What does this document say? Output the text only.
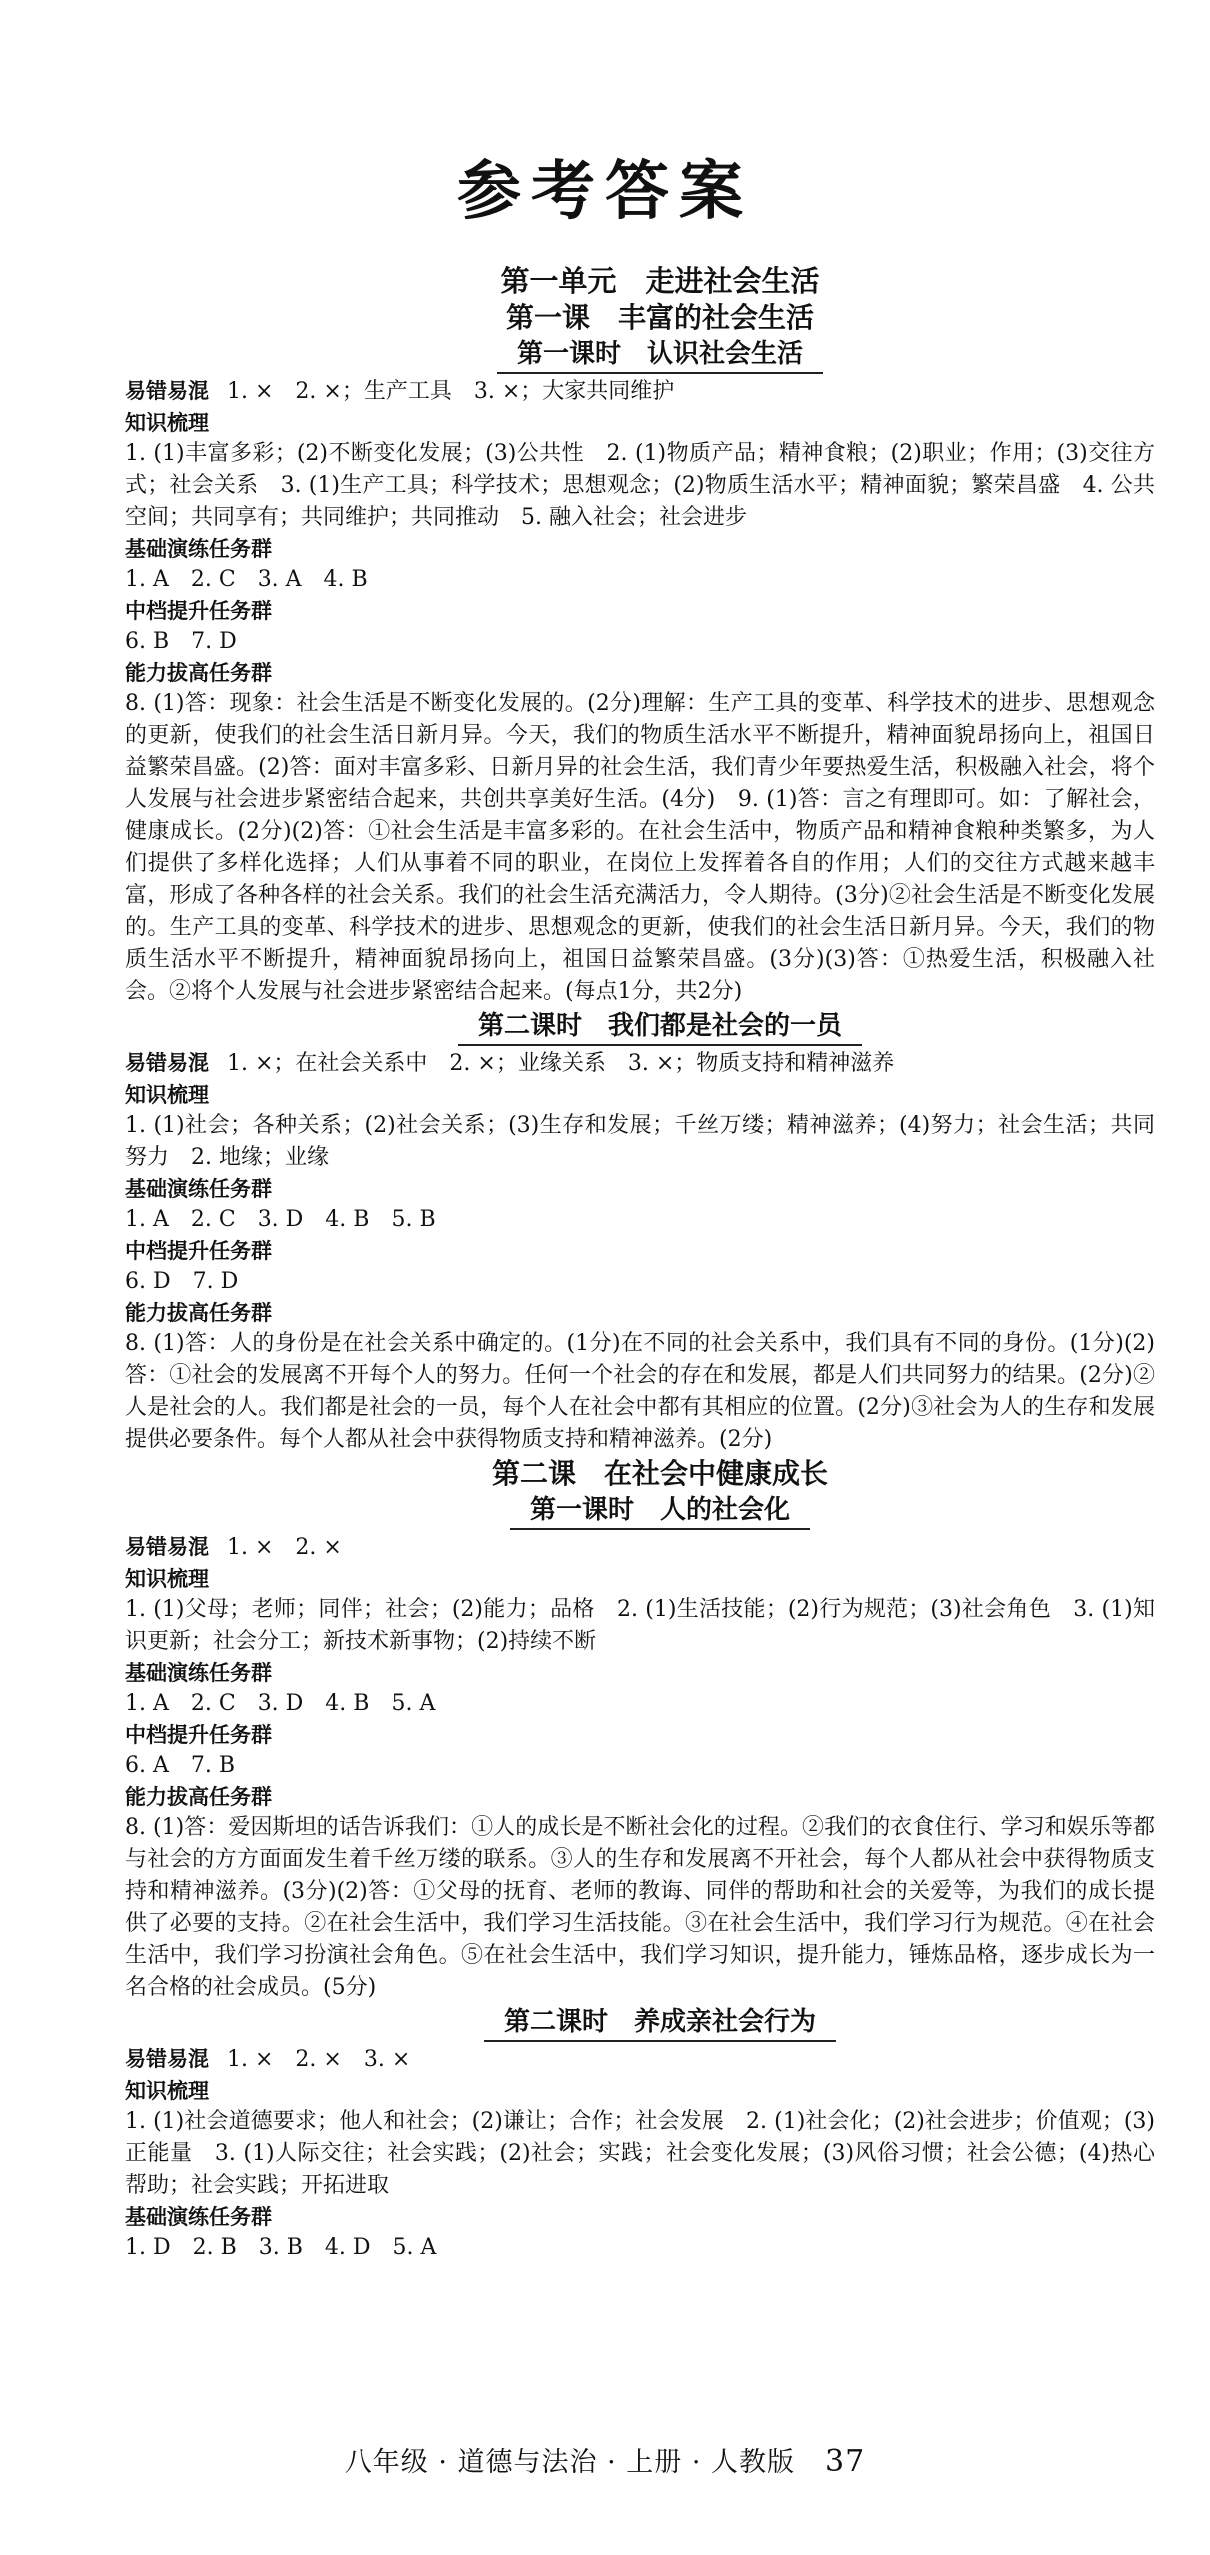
参考答案
第一单元　走进社会生活
第一课　丰富的社会生活
第一课时　认识社会生活
易错易混 1. ×　2. ×；生产工具　3. ×；大家共同维护
知识梳理
1. (1)丰富多彩；(2)不断变化发展；(3)公共性　2. (1)物质产品；精神食粮；(2)职业；作用；(3)交往方式；社会关系　3. (1)生产工具；科学技术；思想观念；(2)物质生活水平；精神面貌；繁荣昌盛　4. 公共空间；共同享有；共同维护；共同推动　5. 融入社会；社会进步
基础演练任务群
1. A　2. C　3. A　4. B
中档提升任务群
6. B　7. D
能力拔高任务群
8. (1)答：现象：社会生活是不断变化发展的。(2分)理解：生产工具的变革、科学技术的进步、思想观念的更新，使我们的社会生活日新月异。今天，我们的物质生活水平不断提升，精神面貌昂扬向上，祖国日益繁荣昌盛。(2)答：面对丰富多彩、日新月异的社会生活，我们青少年要热爱生活，积极融入社会，将个人发展与社会进步紧密结合起来，共创共享美好生活。(4分)　9. (1)答：言之有理即可。如：了解社会，健康成长。(2分)(2)答：①社会生活是丰富多彩的。在社会生活中，物质产品和精神食粮种类繁多，为人们提供了多样化选择；人们从事着不同的职业，在岗位上发挥着各自的作用；人们的交往方式越来越丰富，形成了各种各样的社会关系。我们的社会生活充满活力，令人期待。(3分)②社会生活是不断变化发展的。生产工具的变革、科学技术的进步、思想观念的更新，使我们的社会生活日新月异。今天，我们的物质生活水平不断提升，精神面貌昂扬向上，祖国日益繁荣昌盛。(3分)(3)答：①热爱生活，积极融入社会。②将个人发展与社会进步紧密结合起来。(每点1分，共2分)
第二课时　我们都是社会的一员
易错易混 1. ×；在社会关系中　2. ×；业缘关系　3. ×；物质支持和精神滋养
知识梳理
1. (1)社会；各种关系；(2)社会关系；(3)生存和发展；千丝万缕；精神滋养；(4)努力；社会生活；共同努力　2. 地缘；业缘
基础演练任务群
1. A　2. C　3. D　4. B　5. B
中档提升任务群
6. D　7. D
能力拔高任务群
8. (1)答：人的身份是在社会关系中确定的。(1分)在不同的社会关系中，我们具有不同的身份。(1分)(2)答：①社会的发展离不开每个人的努力。任何一个社会的存在和发展，都是人们共同努力的结果。(2分)②人是社会的人。我们都是社会的一员，每个人在社会中都有其相应的位置。(2分)③社会为人的生存和发展提供必要条件。每个人都从社会中获得物质支持和精神滋养。(2分)
第二课　在社会中健康成长
第一课时　人的社会化
易错易混 1. ×　2. ×
知识梳理
1. (1)父母；老师；同伴；社会；(2)能力；品格　2. (1)生活技能；(2)行为规范；(3)社会角色　3. (1)知识更新；社会分工；新技术新事物；(2)持续不断
基础演练任务群
1. A　2. C　3. D　4. B　5. A
中档提升任务群
6. A　7. B
能力拔高任务群
8. (1)答：爱因斯坦的话告诉我们：①人的成长是不断社会化的过程。②我们的衣食住行、学习和娱乐等都与社会的方方面面发生着千丝万缕的联系。③人的生存和发展离不开社会，每个人都从社会中获得物质支持和精神滋养。(3分)(2)答：①父母的抚育、老师的教诲、同伴的帮助和社会的关爱等，为我们的成长提供了必要的支持。②在社会生活中，我们学习生活技能。③在社会生活中，我们学习行为规范。④在社会生活中，我们学习扮演社会角色。⑤在社会生活中，我们学习知识，提升能力，锤炼品格，逐步成长为一名合格的社会成员。(5分)
第二课时　养成亲社会行为
易错易混 1. ×　2. ×　3. ×
知识梳理
1. (1)社会道德要求；他人和社会；(2)谦让；合作；社会发展　2. (1)社会化；(2)社会进步；价值观；(3)正能量　3. (1)人际交往；社会实践；(2)社会；实践；社会变化发展；(3)风俗习惯；社会公德；(4)热心帮助；社会实践；开拓进取
基础演练任务群
1. D　2. B　3. B　4. D　5. A
八年级 · 道德与法治 · 上册 · 人教版 37
